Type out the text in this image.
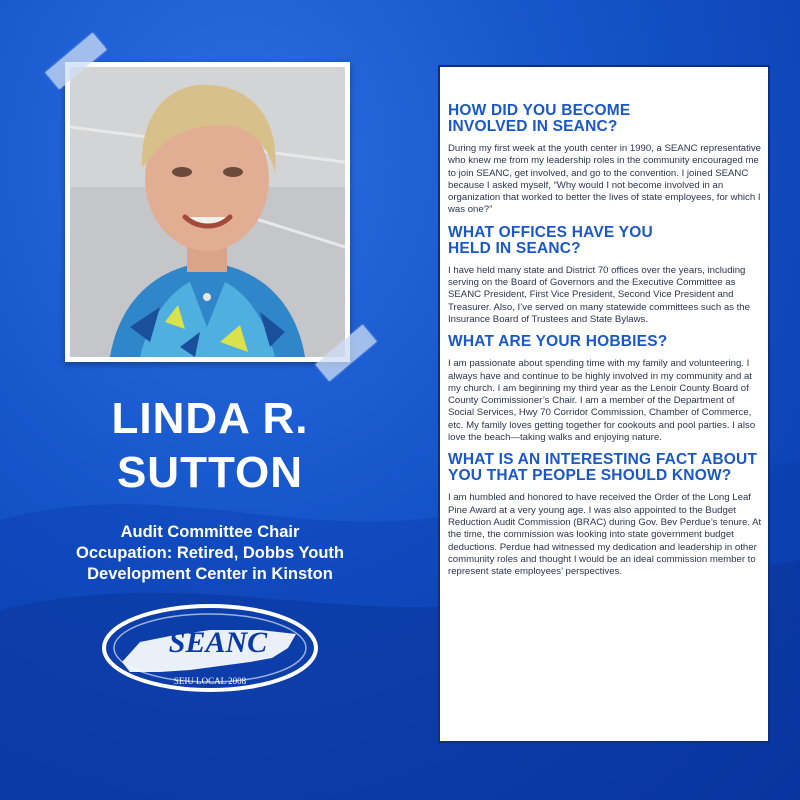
LINDA R.
SUTTON
Audit Committee Chair
Occupation: Retired, Dobbs Youth Development Center in Kinston
SEANC
SEIU LOCAL 2008
HOW DID YOU BECOME
INVOLVED IN SEANC?

During my first week at the youth center in 1990, a SEANC representative who knew me from my leadership roles in the community encouraged me to join SEANC, get involved, and go to the convention. I joined SEANC because I asked myself, “Why would I not become involved in an organization that worked to better the lives of state employees, for which I was one?”

WHAT OFFICES HAVE YOU
HELD IN SEANC?

I have held many state and District 70 offices over the years, including serving on the Board of Governors and the Executive Committee as SEANC President, First Vice President, Second Vice President and Treasurer. Also, I’ve served on many statewide committees such as the Insurance Board of Trustees and State Bylaws.

WHAT ARE YOUR HOBBIES?

I am passionate about spending time with my family and volunteering. I always have and continue to be highly involved in my community and at my church. I am beginning my third year as the Lenoir County Board of County Commissioner’s Chair. I am a member of the Department of Social Services, Hwy 70 Corridor Commission, Chamber of Commerce, etc. My family loves getting together for cookouts and pool parties. I also love the beach—taking walks and enjoying nature.

WHAT IS AN INTERESTING FACT ABOUT
YOU THAT PEOPLE SHOULD KNOW?

I am humbled and honored to have received the Order of the Long Leaf Pine Award at a very young age. I was also appointed to the Budget Reduction Audit Commission (BRAC) during Gov. Bev Perdue’s tenure. At the time, the commission was looking into state government budget deductions. Perdue had witnessed my dedication and leadership in other community roles and thought I would be an ideal commission member to represent state employees’ perspectives.
